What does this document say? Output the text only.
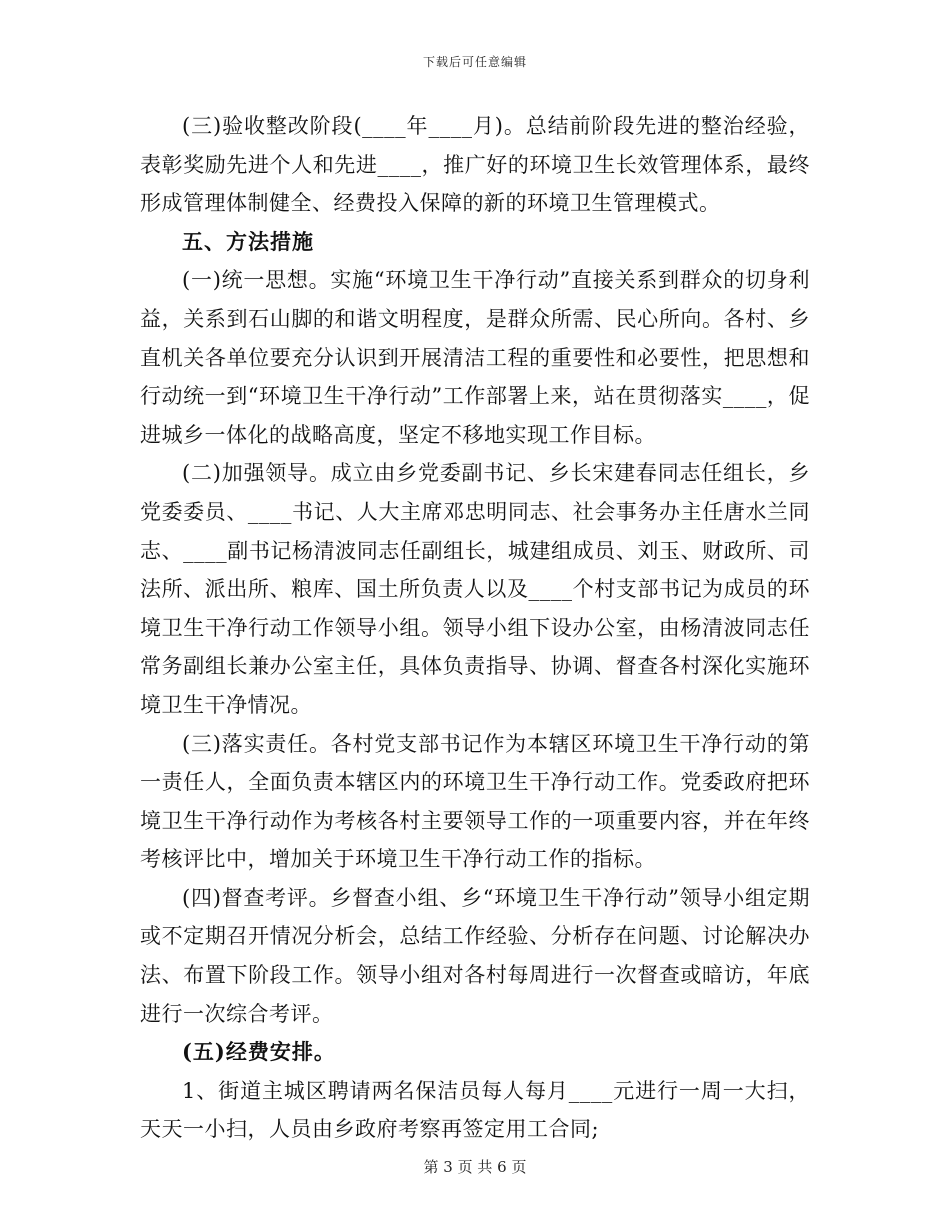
下载后可任意编辑

(三)验收整改阶段(____年____月)。总结前阶段先进的整治经验，表彰奖励先进个人和先进____，推广好的环境卫生长效管理体系，最终形成管理体制健全、经费投入保障的新的环境卫生管理模式。

五、方法措施

(一)统一思想。实施“环境卫生干净行动”直接关系到群众的切身利益，关系到石山脚的和谐文明程度，是群众所需、民心所向。各村、乡直机关各单位要充分认识到开展清洁工程的重要性和必要性，把思想和行动统一到“环境卫生干净行动”工作部署上来，站在贯彻落实____，促进城乡一体化的战略高度，坚定不移地实现工作目标。

(二)加强领导。成立由乡党委副书记、乡长宋建春同志任组长，乡党委委员、____书记、人大主席邓忠明同志、社会事务办主任唐水兰同志、____副书记杨清波同志任副组长，城建组成员、刘玉、财政所、司法所、派出所、粮库、国土所负责人以及____个村支部书记为成员的环境卫生干净行动工作领导小组。领导小组下设办公室，由杨清波同志任常务副组长兼办公室主任，具体负责指导、协调、督查各村深化实施环境卫生干净情况。

(三)落实责任。各村党支部书记作为本辖区环境卫生干净行动的第一责任人，全面负责本辖区内的环境卫生干净行动工作。党委政府把环境卫生干净行动作为考核各村主要领导工作的一项重要内容，并在年终考核评比中，增加关于环境卫生干净行动工作的指标。

(四)督查考评。乡督查小组、乡“环境卫生干净行动”领导小组定期或不定期召开情况分析会，总结工作经验、分析存在问题、讨论解决办法、布置下阶段工作。领导小组对各村每周进行一次督查或暗访，年底进行一次综合考评。

(五)经费安排。

1、街道主城区聘请两名保洁员每人每月____元进行一周一大扫，天天一小扫，人员由乡政府考察再签定用工合同;

第 3 页 共 6 页
